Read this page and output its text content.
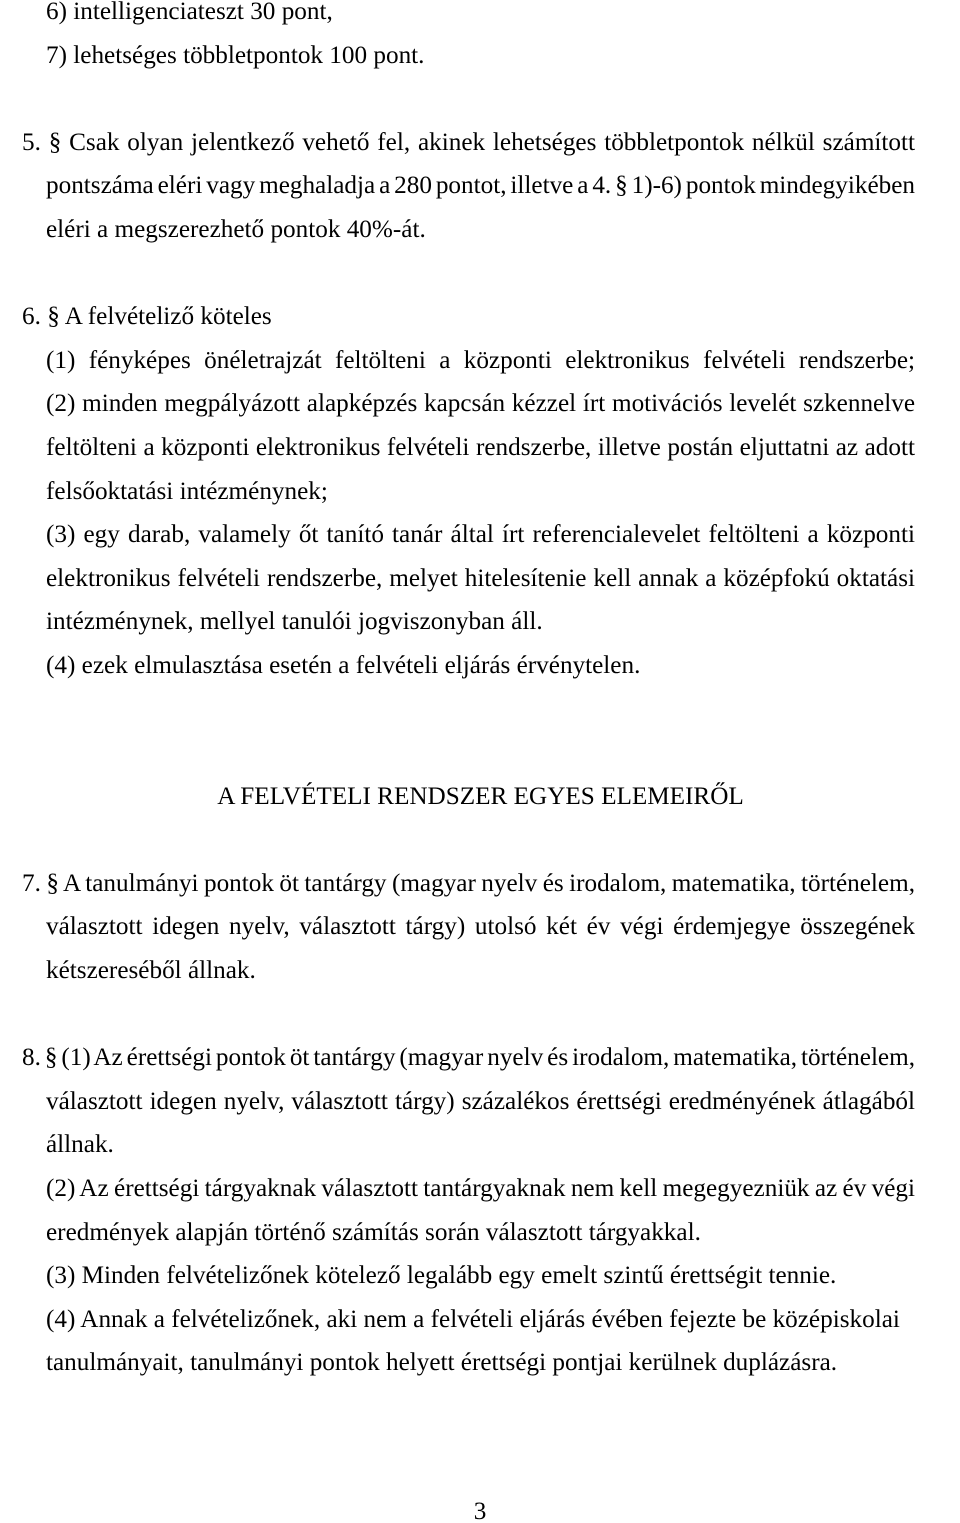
6) intelligenciateszt 30 pont,
7) lehetséges többletpontok 100 pont.
5. § Csak olyan jelentkező vehető fel, akinek lehetséges többletpontok nélkül számított
pontszáma eléri vagy meghaladja a 280 pontot, illetve a 4. § 1)-6) pontok mindegyikében
eléri a megszerezhető pontok 40%-át.
6. § A felvételiző köteles
(1) fényképes önéletrajzát feltölteni a központi elektronikus felvételi rendszerbe;
(2) minden megpályázott alapképzés kapcsán kézzel írt motivációs levelét szkennelve
feltölteni a központi elektronikus felvételi rendszerbe, illetve postán eljuttatni az adott
felsőoktatási intézménynek;
(3) egy darab, valamely őt tanító tanár által írt referencialevelet feltölteni a központi
elektronikus felvételi rendszerbe, melyet hitelesítenie kell annak a középfokú oktatási
intézménynek, mellyel tanulói jogviszonyban áll.
(4) ezek elmulasztása esetén a felvételi eljárás érvénytelen.
A FELVÉTELI RENDSZER EGYES ELEMEIRŐL
7. § A tanulmányi pontok öt tantárgy (magyar nyelv és irodalom, matematika, történelem,
választott idegen nyelv, választott tárgy) utolsó két év végi érdemjegye összegének
kétszereséből állnak.
8. § (1) Az érettségi pontok öt tantárgy (magyar nyelv és irodalom, matematika, történelem,
választott idegen nyelv, választott tárgy) százalékos érettségi eredményének átlagából
állnak.
(2) Az érettségi tárgyaknak választott tantárgyaknak nem kell megegyezniük az év végi
eredmények alapján történő számítás során választott tárgyakkal.
(3) Minden felvételizőnek kötelező legalább egy emelt szintű érettségit tennie.
(4) Annak a felvételizőnek, aki nem a felvételi eljárás évében fejezte be középiskolai
tanulmányait, tanulmányi pontok helyett érettségi pontjai kerülnek duplázásra.
3
